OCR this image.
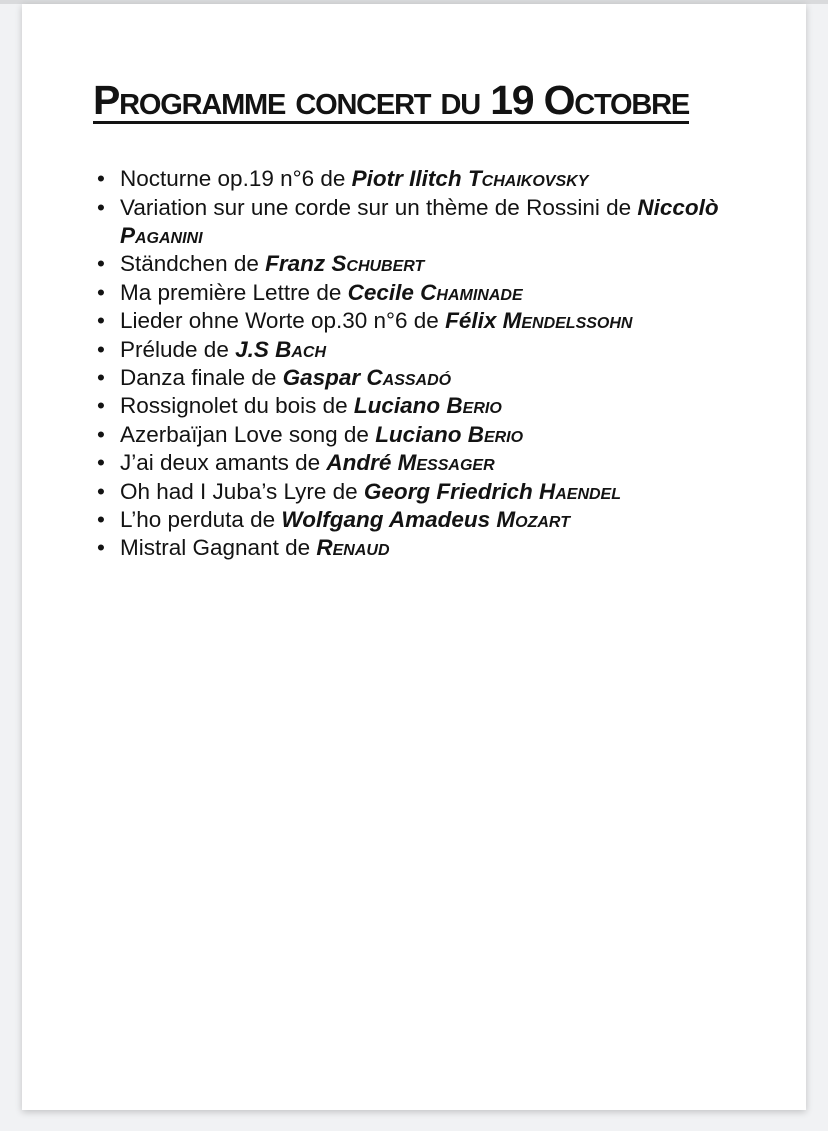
Programme concert du 19 Octobre
• Nocturne op.19 n°6 de Piotr Ilitch Tchaikovsky
• Variation sur une corde sur un thème de Rossini de Niccolò Paganini
• Ständchen de Franz Schubert
• Ma première Lettre de Cecile Chaminade
• Lieder ohne Worte op.30 n°6 de Félix Mendelssohn
• Prélude de J.S Bach
• Danza finale de Gaspar Cassadó
• Rossignolet du bois de Luciano Berio
• Azerbaïjan Love song de Luciano Berio
• J’ai deux amants de André Messager
• Oh had I Juba’s Lyre de Georg Friedrich Haendel
• L’ho perduta de Wolfgang Amadeus Mozart
• Mistral Gagnant de Renaud
